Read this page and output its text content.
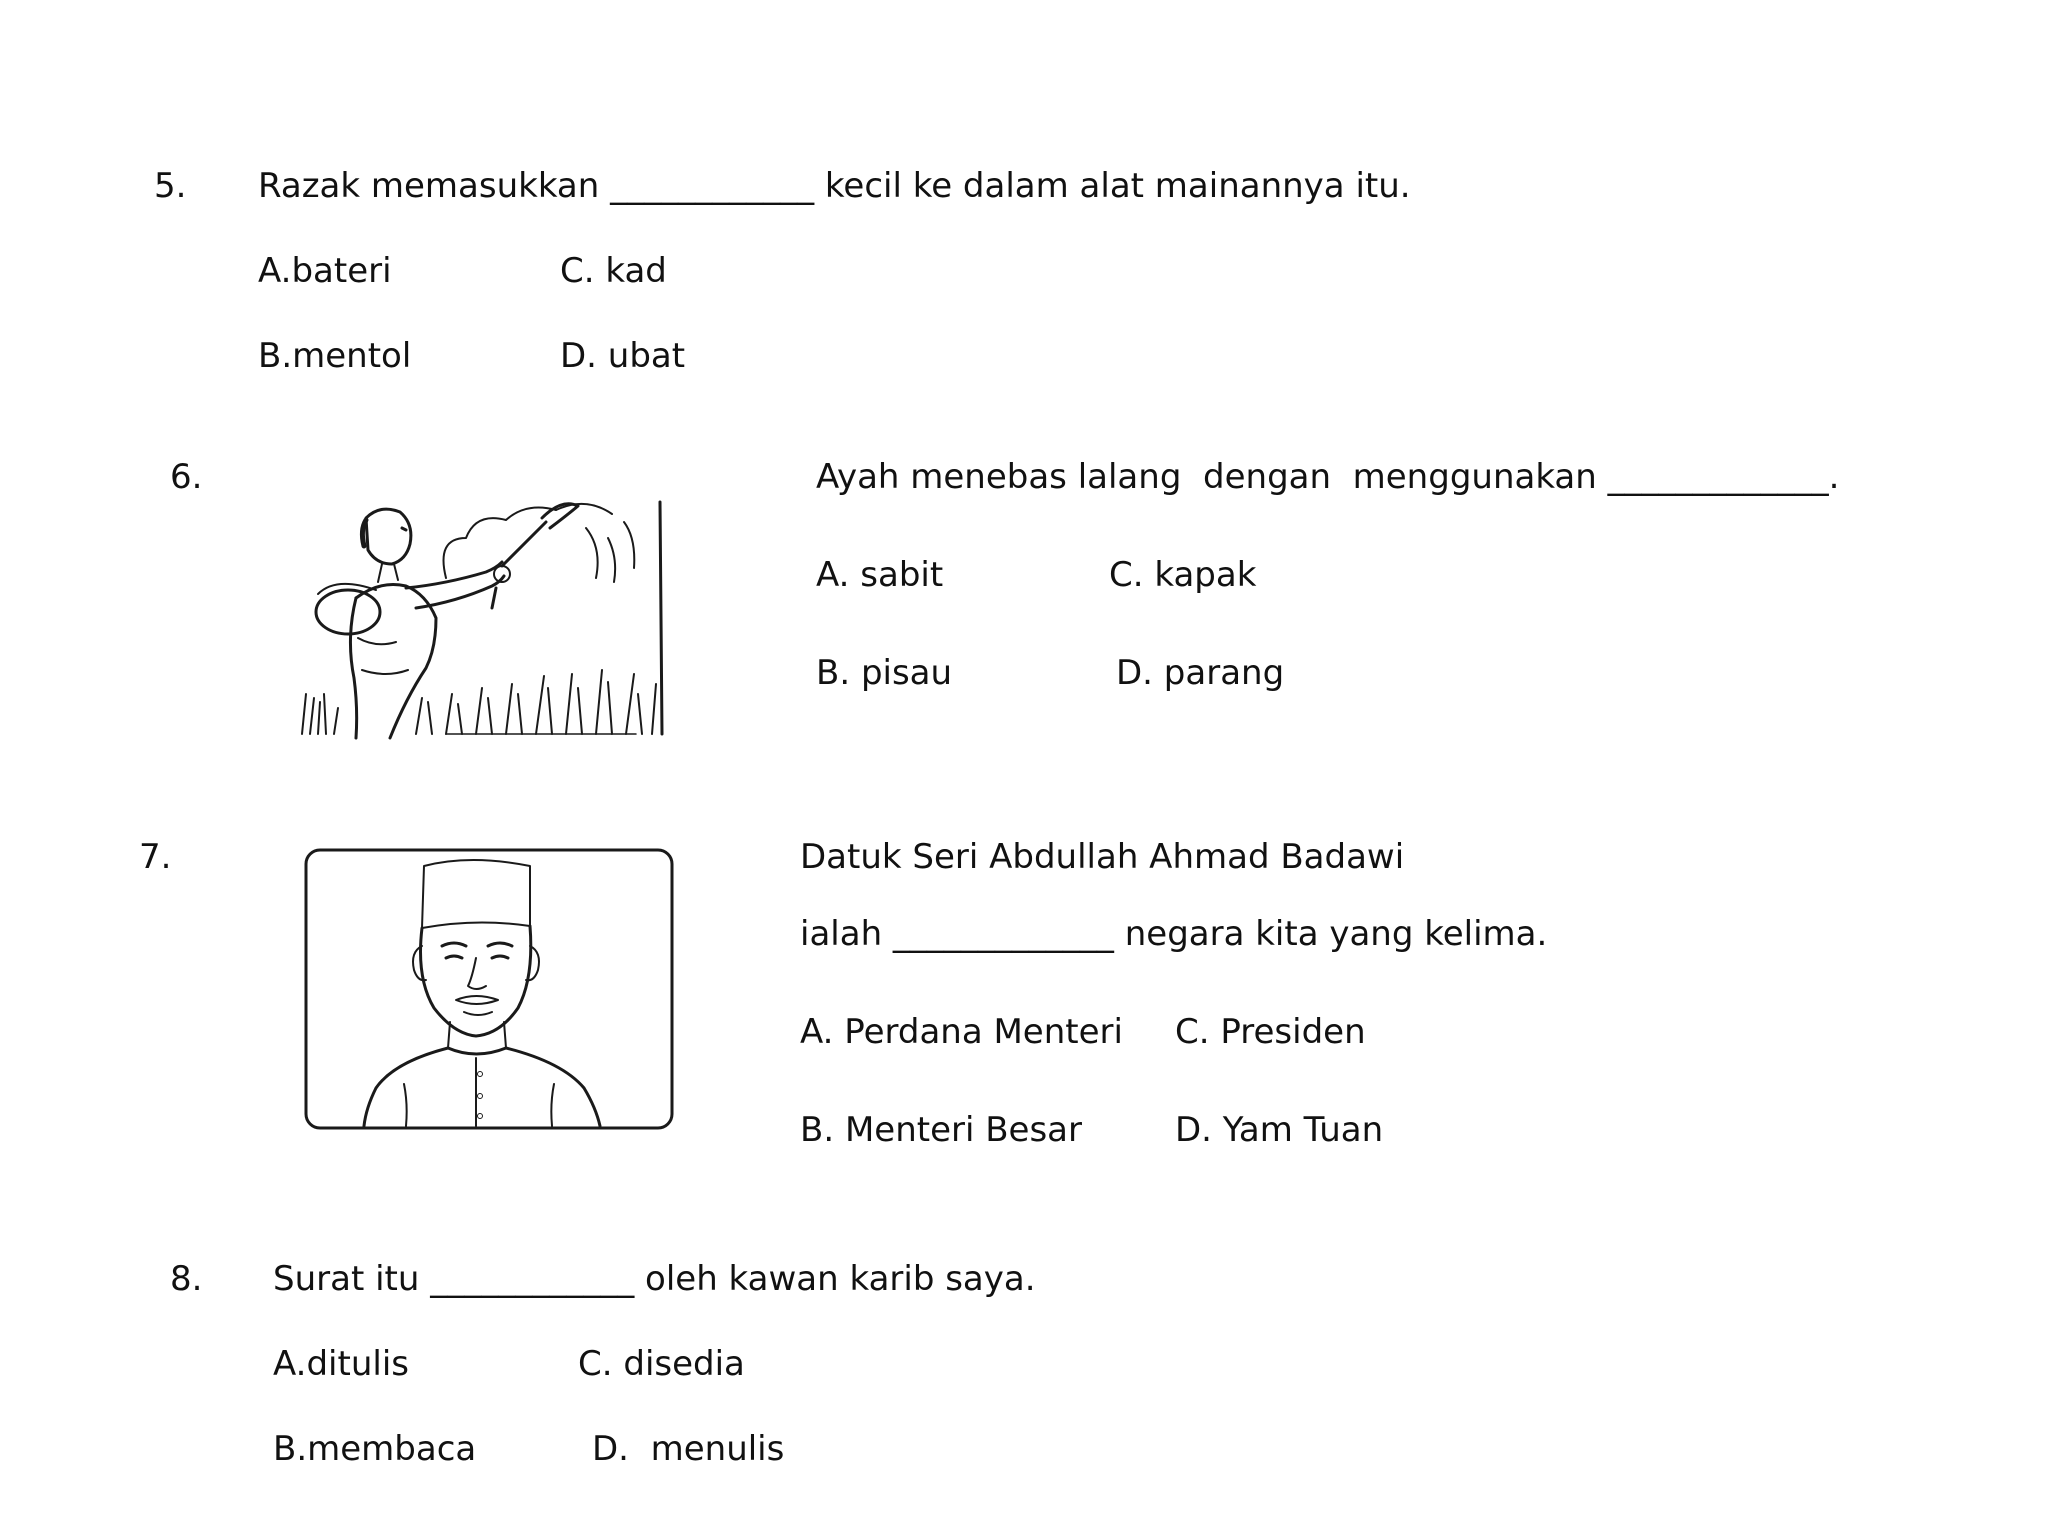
5. Razak memasukkan ____________ kecil ke dalam alat mainannya itu.
A.bateri	C. kad
B.mentol	D. ubat
6.	Ayah menebas lalang  dengan  menggunakan _____________.
A. sabit	C. kapak
B. pisau	D. parang
7.	Datuk Seri Abdullah Ahmad Badawi
ialah _____________ negara kita yang kelima.
A. Perdana Menteri C. Presiden
B. Menteri Besar	D. Yam Tuan
8. Surat itu ____________ oleh kawan karib saya.
A.ditulis	C. disedia
B.membaca	D.  menulis
